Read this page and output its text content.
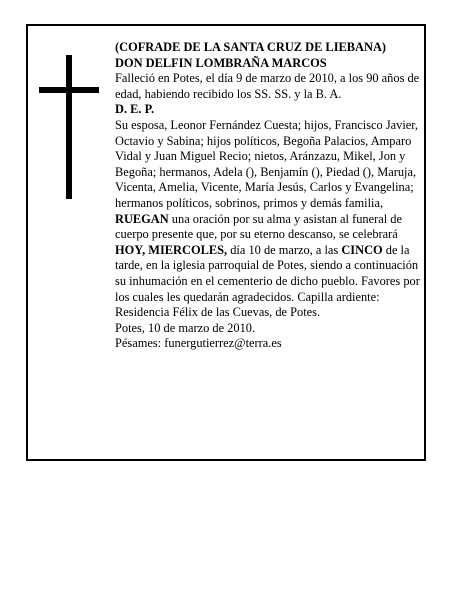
(COFRADE DE LA SANTA CRUZ DE LIEBANA)

DON DELFIN LOMBRAÑA MARCOS

Falleció en Potes, el día 9 de marzo de 2010, a los 90 años de edad, habiendo recibido los SS. SS. y la B. A.

D. E. P.

Su esposa, Leonor Fernández Cuesta; hijos, Francisco Javier, Octavio y Sabina; hijos políticos, Begoña Palacios, Amparo Vidal y Juan Miguel Recio; nietos, Aránzazu, Mikel, Jon y Begoña; hermanos, Adela (), Benjamín (), Piedad (), Maruja, Vicenta, Amelia, Vicente, María Jesús, Carlos y Evangelina; hermanos políticos, sobrinos, primos y demás familia,

RUEGAN una oración por su alma y asistan al funeral de cuerpo presente que, por su eterno descanso, se celebrará HOY, MIERCOLES, día 10 de marzo, a las CINCO de la tarde, en la iglesia parroquial de Potes, siendo a continuación su inhumación en el cementerio de dicho pueblo. Favores por los cuales les quedarán agradecidos. Capilla ardiente: Residencia Félix de las Cuevas, de Potes.

Potes, 10 de marzo de 2010.

Pésames: funergutierrez@terra.es
